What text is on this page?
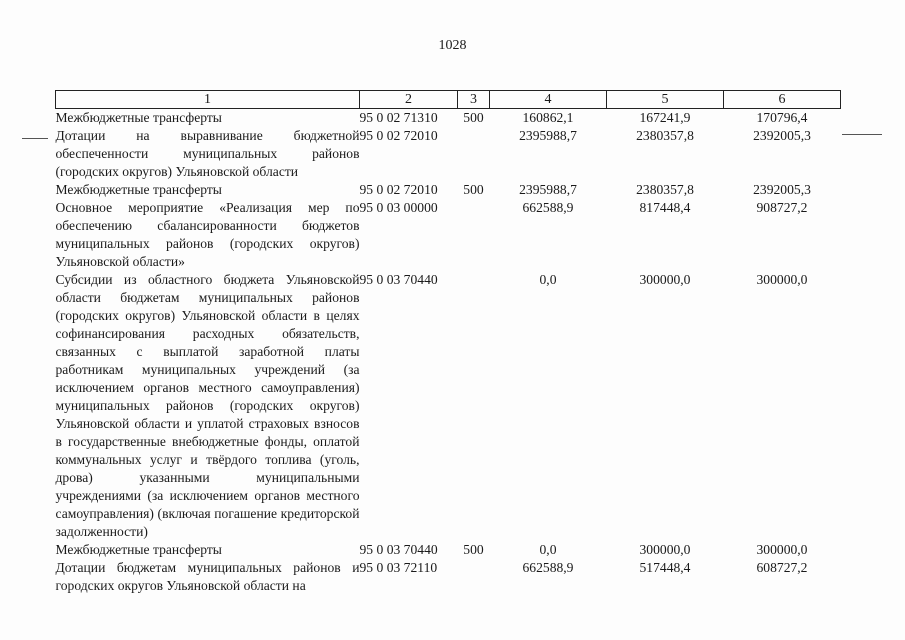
1028
1	2	3	4	5	6
Межбюджетные трансферты	95 0 02 71310	500	160862,1	167241,9	170796,4
Дотации на выравнивание бюджетной обеспеченности муниципальных районов (городских округов) Ульяновской области	95 0 02 72010		2395988,7	2380357,8	2392005,3
Межбюджетные трансферты	95 0 02 72010	500	2395988,7	2380357,8	2392005,3
Основное мероприятие «Реализация мер по обеспечению сбалансированности бюджетов муниципальных районов (городских округов) Ульяновской области»	95 0 03 00000		662588,9	817448,4	908727,2
Субсидии из областного бюджета Ульяновской области бюджетам муниципальных районов (городских округов) Ульяновской области в целях софинансирования расходных обязательств, связанных с выплатой заработной платы работникам муниципальных учреждений (за исключением органов местного самоуправления) муниципальных районов (городских округов) Ульяновской области и уплатой страховых взносов в государственные внебюджетные фонды, оплатой коммунальных услуг и твёрдого топлива (уголь, дрова) указанными муниципальными учреждениями (за исключением органов местного самоуправления) (включая погашение кредиторской задолженности)	95 0 03 70440		0,0	300000,0	300000,0
Межбюджетные трансферты	95 0 03 70440	500	0,0	300000,0	300000,0
Дотации бюджетам муниципальных районов и городских округов Ульяновской области на	95 0 03 72110		662588,9	517448,4	608727,2
